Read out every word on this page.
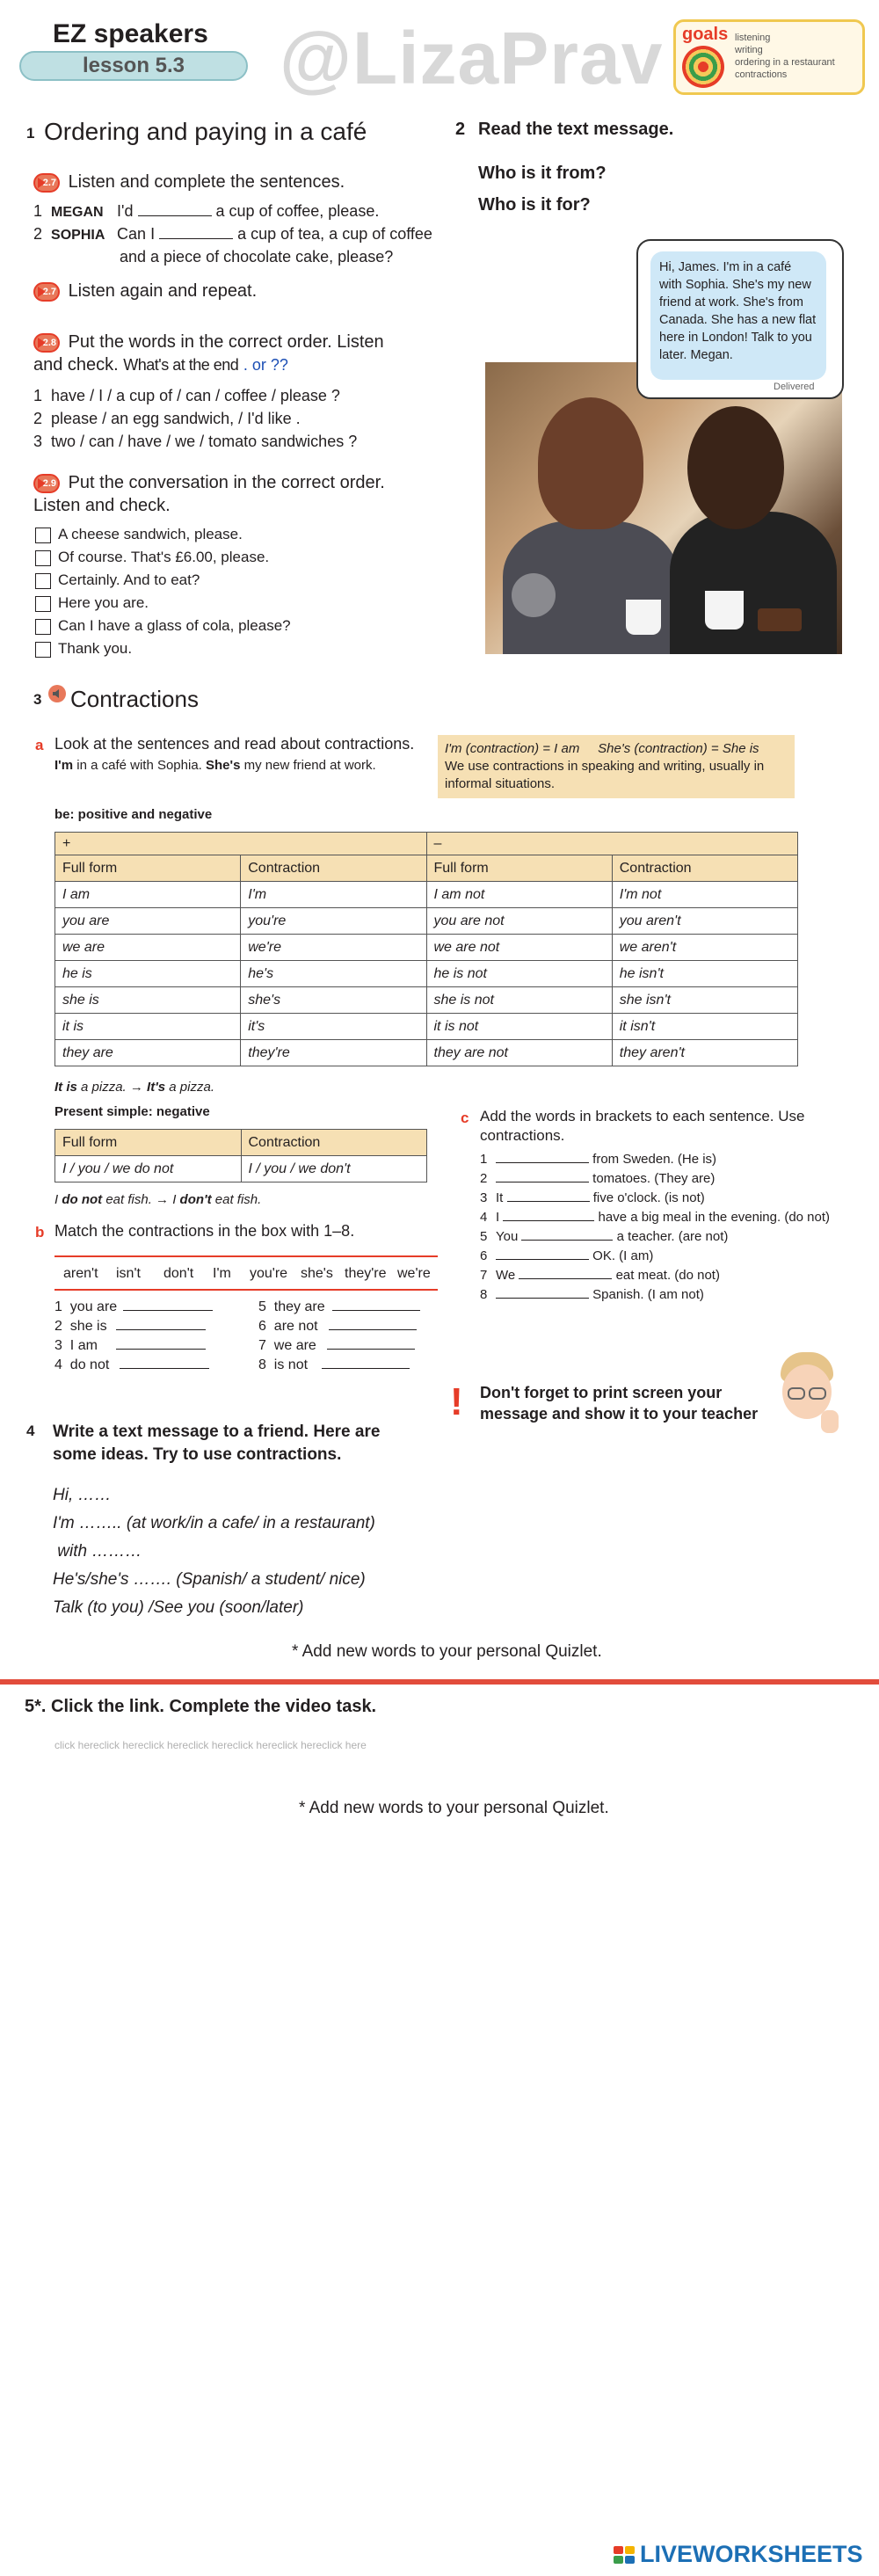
EZ speakers
lesson 5.3	@LizaPrav goals listening
writing
ordering in a restaurant
contractions
1 Ordering and paying in a café
2.7 Listen and complete the sentences.
1 MEGAN I'd	a cup of coffee, please.
2 SOPHIA Can I	a cup of tea, a cup of coffee
and a piece of chocolate cake, please?
2.7 Listen again and repeat.
2.8 Put the words in the correct order. Listen
and check. What's at the end . or ??
1 have / I / a cup of / can / coffee / please ?
2 please / an egg sandwich, / I'd like .
3 two / can / have / we / tomato sandwiches ?
2.9 Put the conversation in the correct order.
Listen and check.
A cheese sandwich, please.
Of course. That's £6.00, please.
Certainly. And to eat?
Here you are.
Can I have a glass of cola, please?
Thank you.
2 Read the text message.
Who is it from?
Who is it for?
Hi, James. I'm in a café with Sophia. She's my new friend at work. She's from Canada. She has a new flat here in London! Talk to you later. Megan.
Delivered
3 Contractions
a Look at the sentences and read about contractions.
I'm in a café with Sophia. She's my new friend at work.
I'm (contraction) = I am She's (contraction) = She is
We use contractions in speaking and writing, usually in informal situations.
be: positive and negative
+		–	
Full form	Contraction	Full form	Contraction
I am	I'm	I am not	I'm not
you are	you're	you are not	you aren't
we are	we're	we are not	we aren't
he is	he's	he is not	he isn't
she is	she's	she is not	she isn't
it is	it's	it is not	it isn't
they are	they're	they are not	they aren't
It is a pizza. → It's a pizza.
Present simple: negative
Full form	Contraction
I / you / we do not	I / you / we don't
I do not eat fish. → I don't eat fish.
b Match the contractions in the box with 1–8.
aren't isn't don't I'm you're she's they're we're
1 you are
2 she is
3 I am
4 do not
5 they are
6 are not
7 we are
8 is not
c Add the words in brackets to each sentence. Use
contractions.
1	from Sweden. (He is)
2	tomatoes. (They are)
3 It	five o'clock. (is not)
4 I	have a big meal in the evening. (do not)
5 You	a teacher. (are not)
6	OK. (I am)
7 We	eat meat. (do not)
8	Spanish. (I am not)
! Don't forget to print screen your
message and show it to your teacher
4 Write a text message to a friend. Here are
some ideas. Try to use contractions.
Hi, ……
I'm …….. (at work/in a cafe/ in a restaurant)
with ………
He's/she's ……. (Spanish/ a student/ nice)
Talk (to you) /See you (soon/later)
* Add new words to your personal Quizlet.
5*. Click the link. Complete the video task.
click hereclick hereclick hereclick hereclick hereclick hereclick here
* Add new words to your personal Quizlet.
LIVEWORKSHEETS
